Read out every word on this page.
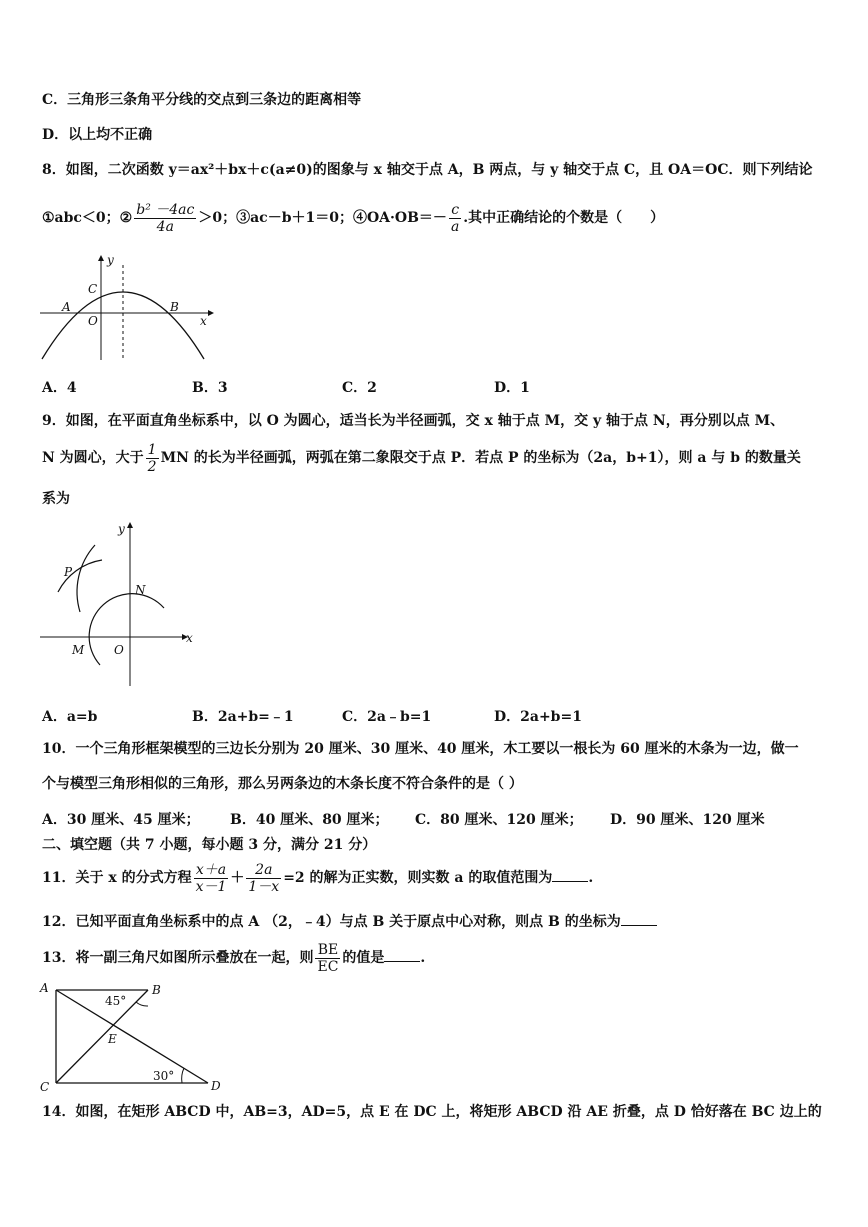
C．三角形三条角平分线的交点到三条边的距离相等
D．以上均不正确
8．如图，二次函数 y＝ax²＋bx＋c(a≠0)的图象与 x 轴交于点 A，B 两点，与 y 轴交于点 C，且 OA＝OC．则下列结论
①abc＜0；② $\frac{\text{b² －4ac}}{4a} >0$；③ac－b＋1＝0；④OA·OB＝－ $\frac{c}{a}$ .其中正确结论的个数是（　　）
y
x
C
A	B
O
A．4	B．3	C．2	D．1
9．如图，在平面直角坐标系中，以 O 为圆心，适当长为半径画弧，交 x 轴于点 M，交 y 轴于点 N，再分别以点 M、
N 为圆心，大于 $\frac{1}{2}$ MN 的长为半径画弧，两弧在第二象限交于点 P．若点 P 的坐标为（2a，b+1），则 a 与 b 的数量关
系为
y
x
P
N
M O
A．a=b	B．2a+b=﹣1	C．2a﹣b=1	D．2a+b=1
10．一个三角形框架模型的三边长分别为 20 厘米、30 厘米、40 厘米，木工要以一根长为 60 厘米的木条为一边，做一
个与模型三角形相似的三角形，那么另两条边的木条长度不符合条件的是（ ）
A．30 厘米、45 厘米； B．40 厘米、80 厘米； C．80 厘米、120 厘米； D．90 厘米、120 厘米
二、填空题（共 7 小题，每小题 3 分，满分 21 分）
11．关于 x 的分式方程 $\frac{x+a}{x-1} + \frac{2a}{1-x} =2$ 的解为正实数，则实数 a 的取值范围为	.
12．已知平面直角坐标系中的点 A （2，﹣4）与点 B 关于原点中心对称，则点 B 的坐标为
13．将一副三角尺如图所示叠放在一起，则 $\frac{BE}{EC}$ 的值是	.
A	B
C	D
E
45°
30°
14．如图，在矩形 ABCD 中，AB=3，AD=5，点 E 在 DC 上，将矩形 ABCD 沿 AE 折叠，点 D 恰好落在 BC 边上的
